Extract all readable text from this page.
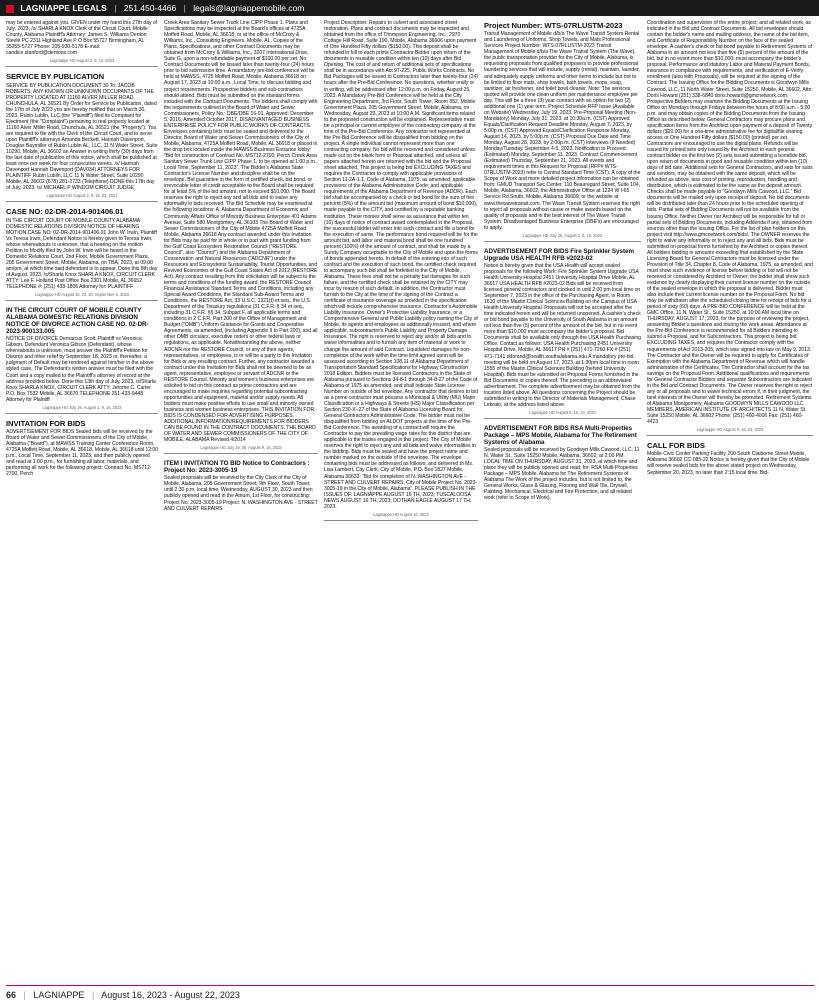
LAGNIAPPE LEGALS | 251.450-4466 | legals@lagniappemobile.com

may be entered against you. GIVEN under my hand this 27th day of July, 2023. /s/ SHARLA KNOX Clerk of the Circuit Court, Mobile County, Alabama Plaintiff's Attorney: James S. Williams Denton Steele PC 2311 Highland Ave P O Box 55727 Birmingham, AL 35255-5727 Phone: 205-930-5178 E-mail: candice.stanford@dentons.com

Lagniappe HD August 2, 9, 16, 2023
SERVICE BY PUBLICATION

SERVICE BY PUBLICATION DOCUMENT 30 To: JACOB ROBERTS, ANY KNOWN OR UNKNOWN OCCUPANTS OF THE PROPERTY LOCATED AT 11160 ALVER MILLER ROAD, CHUNCHULA, AL 36521 By Order for Service by Publication, dated the 17th of July 2023 you are hereby notified that on March 30, 2023, Rubin Lublin, LLC (the "Plaintiff") filed its Complaint for Ejectment (the "Complaint") pertaining to real property located at 11160 Alver Miller Road, Chunchula, AL 36521 (the "Property"). You are required to file with the Clerk of the Circuit Court, and to serve upon Plaintiff's attorneys Amanda Beckett, Hannah Davenport, Douglas Baymiller of Rubin Lublin AL, LLC, 11 N Water Street, Suite 10290, Mobile, AL 36602 an Answer in writing thirty (30) days from the last date of publication of this notice, which shall be published at least once per week for four consecutive weeks. /s/ Hannah Davenport Hannah Davenport (DAV034) ATTORNEYS FOR PLAINTIFF Rubin Lublin, LLC 11 N Water Street, Suite 10290 Mobile, AL 36602 (678) 281-2733 (Telephone) DONE this 17th day of July, 2023. /s/ MICHAEL P WINDOM CIRCUIT JUDGE

Lagniappe HD August 2, 9, 16, 23, 2023
CASE NO: 02-DR-2014-901406.01

IN THE CIRCUIT COURT OF MOBILE COUNTY ALABAMA DOMESTIC RELATIONS DIVISION NOTICE OF HEARING MOTION CASE NO: 02-DR-2014-901406.01 John W. Irwin, Plaintiff Vs Teresa Irwin, Defendant Notice is hereby given to Teresa Irwin, whose whereabouts is unknown, that a hearing on the motion Petition to Modify filed by John W. Irwin will be heard in the Domestic Relations Court, 2nd Floor, Mobile Government Plaza, 205 Government Street, Mobile, Alabama, on TBA, 2023, at 09:00 am/pm, at which time said defendant is to appear. Done this 8th day of August, 2023. /s/Sharla Knox SHARLA KNOX, CIRCUIT CLERK ATTY: Lee F. Holland Post Office Box 2301 Mobile, AL 36652 TELEPHONE #: (251) 433-1806 Attorney for: PLAINTIFF

Lagniappe HD August 16, 23, 30, September 6, 2023
IN THE CIRCUIT COURT OF MOBILE COUNTY ALABAMA DOMESTIC RELATIONS DIVISION NOTICE OF DIVORCE ACTION CASE NO. 02-DR-2023-900133.005

NOTICE OF DIVORCE Demarcus Scott, Plaintiff vs Veronica Gibson, Defendant Veronica Gibson (Defendant), whose whereabouts is unknown, must answer the Plaintiff's Petition for Divorce and other relief by September 18, 2023 or, thereafter, a judgment of Default may be rendered against him/her in the above styled case. The Defendant's written answer must be filed with the Court and a copy mailed to the Plaintiff's attorney of record at the address provided below. Done this 13th day of July, 2023. /s/Sharla Knox SHARLA KNOX, CIRCUIT CLERK ATTY: Jerome C. Carter P.O. Box 7532 Mobile, AL 36670 TELEPHONE 251-433-9448 Attorney for Plaintiff

Lagniappe HD July 26, August 2, 9, 16, 2023
INVITATION FOR BIDS

ADVERTISEMENT FOR BIDS Sealed bids will be received by the Board of Water and Sewer Commissioners of the City of Mobile, Alabama ("Board"), at MAWSS Training Center Conference Room, 4725A Moffett Road, Mobile, AL 36618, Mobile, AL 36618 until 12:00 p.m., Local Time, September 11, 2023, and then publicly opened and read at 1:00 p.m., for furnishing all labor, materials, and performing all work for the following project: Contract No. MS712-2700, Perch

Creek Area Sanitary Sewer Trunk Line CIPP Phase 1. Plans and Specifications may be inspected at the Board's offices at 4725A Moffett Road, Mobile, AL 36618; or at the office of McCrory & Williams, Inc., Consulting Engineers, Mobile, AL. Copies of the Plans, Specifications, and other Contract Documents may be obtained from McCrory & Williams, Inc., 3207 International Drive, Suite G, upon a non-refundable payment of $100.00 per set. No Contract Documents will be issued later than twenty-four (24) hours prior to bid submission time. A mandatory pre-bid conference will be held at MAWSS, 4725 Moffett Road, Mobile, Alabama 36618 on August 17, 2023 at 10:00 a.m., Local Time, to discuss bidding and project requirements. Prospective bidders and sub-contractors should attend. Bids must be submitted on the standard forms included with the Contract Documents. The bidders shall comply with the requirements outlined in the Board of Water and Sewer Commissioners, Policy No.: DBE/DBE 16-01, Approved: December 5, 2016, Amended October 2017, DISADVANTAGED BUSINESS ENTERPRISE POLICY FOR PUBLIC WORKS OF CONTRACTS. Envelopes containing bids must be sealed and delivered to the Director, Board of Water and Sewer Commissioners of the City of Mobile, Alabama, 4725A Moffett Road, Mobile, AL 36618 or placed in the drop box located inside the MAWSS Business Entrance lobby: "Bid for construction of Contract No. MS712-2700, Perch Creek Area Sanitary Sewer Trunk Line CIPP Phase 1, to be opened at 1:00 p.m., Local Time, September 11, 2023". The Bidder's Alabama State Contractor's License Number and discipline shall be on the envelope. Bid guarantee in the form of certified check, bid bond, or irrevocable letter of credit acceptable to the Board shall be required for at least 5% of the bid amount, not to exceed $10,000. The Board reserves the right to reject any and all bids and to waive any informality in bids received. The Bid Schedule may be examined at the following locations: A. Alabama Department of Economic and Community Affairs Office of Minority Business Enterprise 401 Adams Avenue, Suite 580 Montgomery, AL 36103 The Board of Water and Sewer Commissioners of the City of Mobile 4725A Moffett Road Mobile, Alabama 36618 Any contract awarded under this Invitation for Bids may be paid for in whole or in part with grant funding from the Gulf Coast Ecosystem Restoration Council ("RESTORE Council", also "Council") and the Alabama Department of Conservation and Natural Resources ("ADCNR") under the Resources and Ecosystems Sustainability, Tourist Opportunities, and Revived Economies of the Gulf Coast States Act of 2012 (RESTORE Act). Any contract resulting from this solicitation will be subject to the terms and conditions of the funding award, the RESTORE Council Financial Assistance Standard Terms and Conditions, including any Special Award Conditions, the Standard Sub-Award Terms and Conditions, the RESTORE Act, 33 U.S.C. 1321(t) et seq., the U.S. Department of the Treasury regulations (31 C.F.R. § 34 et seq., including 31 C.F.R. §§ 34, Subpart F, all applicable terms and conditions in 2 C.F.R. Part 200 of the Office of Management and Budget ("OMB") Uniform Guidance for Grants and Cooperative Agreements, as amended, (including Appendix II to Part 200), and all other OMB circulars, executive orders or other federal laws or regulations, as applicable. Notwithstanding the above, neither ADCNR nor the RESTORE Council, or any of their agents, representatives, or employees, is or will be a party to this Invitation for Bids or any resulting contract. Further, any contractor awarded a contract under this Invitation for Bids shall not be deemed to be an agent, representative, employee or servant of ADCNR or the RESTORE Council. Minority and women's business enterprises are solicited to bid on this contract as prime contractors and are encouraged to make inquiries regarding potential subcontracting opportunities and equipment, material and/or supply needs. All bidders must make positive efforts to use small and minority owned business and women business enterprises. THIS INVITATION FOR BIDS IS CONDENSED FOR ADVERTISING PURPOSES. ADDITIONAL INFORMATION/REQUIREMENTS FOR BIDDERS CAN BE FOUND IN THE CONTRACT DOCUMENTS. THE BOARD OF WATER AND SEWER COMMISSIONERS OF THE CITY OF MOBILE, ALABAMA Revised 4/2014

Lagniappe HD July 19, 26, August 9, 16, 2023
ITEM I INVITATION TO BID Notice to Contractors : Project No: 2023-3005-19

Sealed proposals will be received by the City Clerk of the City of Mobile, Alabama, 205 Government Street, 9th Floor, South Tower, until 2:30 p.m. local time, Wednesday, AUGUST 30, 2023 and then publicly opened and read in the Atrium, 1st Floor, for constructing: Project No: 2023-3005-19 Project: N. WASHINGTON AVE - STREET AND CULVERT REPAIRS

Project Description: Repairs to culvert and associated street restoration. Plans and contract documents may be inspected and obtained from the office of Thompson Engineering, Inc., 2970 Cottage Hill Road, Suite 190, Mobile, Alabama 36606 upon payment of One Hundred Fifty dollars ($150.00). This deposit shall be refunded in full to each prime Contractor Bidder upon return of the documents in reusable condition within ten (10) days after Bid Opening. The cost of and return of additional sets of specifications shall be in accordance with Act 97-225, Public Works Contracts. No Bid Packages will be issued to Contractors later than twenty-four (24) hours after the Pre-Bid Conference. No questions, whether orally or in writing, will be addressed after 12:00 p.m. on Friday, August 25, 2023. A Mandatory Pre-Bid Conference will be held at the City Engineering Department, 3rd Floor, South Tower, Room 352, Mobile Government Plaza, 205 Government Street, Mobile, Alabama, on Wednesday, August 23, 2023 at 10:00 A.M. Significant items related to the proposed construction will be explained. Representative must be a principal or current employee of the contracting company at the time of the Pre-Bid Conference. Any contractor not represented at the Pre-Bid Conference will be disqualified from bidding on the project. A single individual cannot represent more than one contracting company. No bid will be received and considered unless made out on the blank form or Proposal attached, and unless all papers attached hereto are returned with the bid and the Proposal sheet attached. This project is being bid EXCLUDING TAXES and requires the Contractor to comply with applicable provisions of Section 11-2A-1.1, Code of Alabama, 1975, as amended; applicable provisions of the Alabama Administrative Code; and applicable requirements of the Alabama Department of Revenue (ADOR). Each bid shall be accompanied by a check or bid bond for the sum of five percent (5%) of the amount bid (maximum amount of bond $10,000), made payable to the CITY, and certified by a reputable banking institution. These monies shall serve as assurance that within ten (10) days of notice of contract award contemplated in the Proposal, the successful bidder will enter into such contract and file a bond for the execution of same. The performance bond required will be for the amount bid, and labor and material bond shall be one hundred percent (100%) of the amount of contract, and shall be made by a Surety Company acceptable to the City of Mobile and upon the forms of bonds appended hereto. In default of the entering into of such contract and the execution of such bond, the certified check required to accompany such bid shall be forfeited to the City of Mobile, Alabama. These fees shall not be a penalty but damages for such failure, and the certified check shall be retained by the CITY may incur by reason of such default. In addition, the Contractor must furnish to the City at the time of the signing of the Contract a certificate of insurance coverage as provided in the specification which will include comprehensive insurance, Contractor's Automobile Liability Insurance, Owner's Protective Liability Insurance, or a Comprehensive General and Public Liability policy naming the City of Mobile, its agents and employees as additionally insured, and where applicable, subcontractor's Public Liability and Property Damage Insurance. The right is reserved to reject any and/or all bids and to waive informalities and to furnish any item of material or work to change the amount of said Contract. Liquidated damages for non-completion of the work within the time limit agreed upon will be assessed according to Section 108.11 of Alabama Department of Transportation Standard Specifications for Highway Construction 2018 Edition. Bidders must be licensed Contractors in the State of Alabama pursuant to Sections 34-8-1 through 34-8-27 of the Code of Alabama of 1975 as amended, and shall indicate State License Number on outside of bid envelope. Any contractor that desires to bid as a prime contractor must possess a Municipal & Utility (MU) Major Classification or a Highways & Streets (HS) Major Classification per Section 230-X-.27 of the State of Alabama Licensing Board for General Contractors Administrative Code. The bidder must not be disqualified from bidding on ALDOT projects at the time of the Pre-Bid Conference. The awarding of a contract will require the Contractor to pay the prevailing wage rates for this district that are applicable to the trades engaged in this project. The City of Mobile reserves the right to reject any and all bids and waive informalities in the bidding. Bids must be sealed and have the project name and number marked on the outside of the envelope. The envelope containing bids must be addressed as follows, and delivered to Ms. Lisa Lambert, City Clerk; City of Mobile, P.O. Box 1827 Mobile, Alabama 36633: "Bid for completion of N. WASHINGTON AVE - STREET AND CULVERT REPAIRS, City of Mobile Project No. 2023-3005-19 in the City of Mobile, Alabama". PLEASE PUBLISH IN THE ISSUES OF: LAGNIAPPE AUGUST 16 TH, 2023; TUSCALOOSA NEWS AUGUST 16 TH, 2023; DOTHAN EAGLE AUGUST 17 TH, 2023.

Lagniappe HD August 16, 2023
Project Number: WTS-07RLUSTM-2023

Transit Management of Mobile d/b/a The Wave Transit System Rental and Laundering of Uniforms, Shop Towels, and Mats Professional Services Project Number: WTS-07RLUSTM-2023 Transit Management of Mobile d/b/a The Wave Transit System (The Wave), the public transportation provider for the City of Mobile, Alabama, is requesting proposals from qualified proposers to provide professional laundering services that will include, supply (rental), maintain, launder, and adequately supply uniforms and other items to include but not to be limited to floor mats, shop towels, bath towels, mops, soap, sanitizer, air freshener, and toilet bowl cleaner. Note: The services quoted will provide one clean uniform per maintenance employee per day. This will be a three (3) year contract with an option for two (2) additional one (1) year term. Project Schedule RFP Issue (Available on Website) Wednesday, July 19, 2023. Pre-Proposal Meeting (Non-Mandatory) Monday, July 31, 2023, at 10:30a.m. (CST) Approved Equals/Clarification Request Deadline Monday, August 7, 2023, by 5:00p.m. (CST) Approved Equals/Clarification Response Monday, August 14, 2023, by 5:00p.m. (CST) Proposal Due Date and Time Monday, August 28, 2023, by 2:00p.m. (CST) Interviews (If Needed) Monday/Tuesday, September 4-5, 2023. Notification to Proceed (Estimated) Monday, September 11, 2023. Contract Commencement (Estimated) Thursday, September 21, 2023. All events and requirement times in this Request for Proposal (RFP# WTS-07RLUSTM-2023) refer to Central Standard Time (CST). A copy of the Scope of Work and more detailed project information can be obtained from: GMUD Transport Sec Center, 110 Beauregard Street, Suite 104, Mobile, Alabama, 36602, the Administrative Office at 1224 W I-65 Service Rd South, Mobile, Alabama 36609, or the website at www.thewavetransit.com. The Wave Transit System reserves the right to reject all proposals without cause or make awards based on the quality of proposals and in the best interest of The Wave Transit System. Disadvantaged Business Enterprise (DBE's) are encouraged to apply.

Lagniappe HD July 26, August 2, 9, 16, 2023
ADVERTISEMENT FOR BIDS Fire Sprinkler System Upgrade USA HEALTH RFB #2023-02

Notice is hereby given that the USA Health will accept sealed proposals for the following Work: Fire Sprinkler System Upgrade USA Health University Hospital 2451 University Hospital Drive Mobile, AL 36617 USA HEALTH RFB #2023-02 Bids will be received from licensed general contractors and clocked in until 2:00 pm local time on September 7, 2023 in the office of the Purchasing Agent, in Room 1610 of the Mastin Clinical Sciences Building on the Campus of USA Health University Hospital. Proposals will not be accepted after the time indicated herein and will be returned unopened. A cashier's check or bid bond payable to the University of South Alabama in an amount not less than five (5) percent of the amount of the bid, but in no event more than $10,000 must accompany the bidder's proposal. Bid Documents shall be available only through the USA Health Purchasing Office. Contact as follows: USA Health Purchasing 2451 University Hospital Drive, Mobile, AL 36617 PH # (251) 471-7260 FX # (251) 471-7141 ddorand@health.southalabama.edu A mandatory pre-bid meeting will be held on August 17, 2023, at 1:30pm local time in room 1555 of the Mastin Clinical Sciences Building (behind University Hospital). Bids must be submitted on Proposal Forms furnished in the Bid Documents or copies thereof. The preceding is an abbreviated advertisement. The complete advertisement may be obtained from the location listed above. All questions concerning the Project should be submitted in writing to the Director of Materials Management, Chase Lebrato, at the address listed above.

Lagniappe HD August 9, 16, 23, 2023
ADVERTISEMENT FOR BIDS RSA Multi-Properties Package – MPS Mobile, Alabama for The Retirement Systems of Alabama

Sealed proposals will be received by Goodwyn Mills Cawood, LLC, 11 N. Water St., Suite 15250 Mobile, Alabama, 36602; at 2:00 PM LOCAL TIME ON THURSDAY, AUGUST 31, 2023, at which time and place they will be publicly opened and read, for: RSA Multi-Properties Package – MPS Mobile, Alabama for The Retirement Systems of Alabama The Work of the project includes, but is not limited to, the General Works, Glass & Glazing, Flooring and Wall Tile, Drywall, Painting, Mechanical, Electrical and Fire Protection, and all related work (refer to Scope of Work).

Coordination and supervision of the entire project; and all related work, as indicated in the Bid and Contract Documents. All bid envelopes should contain the bidder's name and mailing address, the name of the bid item, and Certificate of Responsibility Number on the face of the sealed envelope. A cashier's check or bid bond payable to Retirement Systems of Alabama in an amount not less than five (5) percent of the amount of the bid, but in no event more than $10,000, must accompany the bidder's proposal. Performance and statutory Labor and Material Payment Bonds, insurance in compliance with requirements, and verification of E-Verify enrollment (also with Proposals), will be required at the signing of the Contract. The Issuing Office for the Bidding Documents is Goodwyn Mills Cawood, LLC, 11 North Water Street, Suite 15250, Mobile, AL 36602, Attn: Doris Howard (251) 338-6840 doris.howard@gmcnetwork.com. Prospective Bidders may examine the Bidding Documents at the Issuing Office on Mondays through Fridays between the hours of 8:00 a.m. - 5:00 p.m. and may obtain copies of the Bidding Documents from the Issuing Office as described below. General Contractors may procure plans and specification items from the Architect upon payment of a deposit of Twenty dollars ($20.00) for a one-time administrative fee for digital/file sharing access or One Hundred Fifty dollars ($150.00) (printed) per set. Contractors are encouraged to use the digital plans. Refunds will be issued for printed sets only issued by the Architect to each general contract bidder on the first two (2) sets issued submitting a bonafide bid, upon return of documents in good and reusable condition within ten (10) days of bid date. Additional sets for General Contractors, and sets for subs and vendors, may be obtained with the same deposit, which will be refunded as above, less cost of printing, reproduction, handling and distribution, which is estimated to be the same as the deposit amount. Checks shall be made payable to "Goodwyn Mills Cawood, LLC." Bid documents will be mailed only upon receipt of deposit. No bid documents will be distributed later than 24 hours prior to the scheduled opening of bids. Partial sets of Bidding Documents will not be available from the Issuing Office. Neither Owner nor Architect will be responsible for full or partial sets of Bidding Documents, including Addenda if any, obtained from sources other than the Issuing Office. For the list of plan holders on this project visit http://www.gmcnetwork.com/bids/. The OWNER reserves the right to waive any informality or to reject any and all bids. Bids must be submitted on proposal forms furnished by the Architect or copies thereof. All bidders bidding in amounts exceeding that established by the State Licensing Board for General Contractors must be licensed under the Provision of Title 34, Chapter 8, Code of Alabama, 1975, as amended, and must show such evidence of license before bidding or bid will not be received or considered by Architect or Owner; the bidder shall show such evidence by clearly displaying their current license number on the outside of the sealed envelope in which the proposal is delivered. Bidder must also include their current license number on the Proposal Form. No bid may be withdrawn after the scheduled closing time for receipt of bids for a period of sixty (60) days. A PRE-BID CONFERENCE will be held at the GMC Office, 11 N. Water St., Suite 15250, at 10:00 AM local time on THURSDAY, AUGUST 17, 2023, for the purpose of reviewing the project, answering Bidder's questions and touring the work areas. Attendance at the Pre-Bid Conference is recommended for all Bidders intending to submit a Proposal, and for Subcontractors. This project is being bid EXCLUDING TAXES, and requires the Contractor comply with the requirements of Act 2013-205, which was signed into law on May 9, 2013. The Contractor and the Owner will be required to apply for Certificates of Exemption with the Alabama Department of Revenue which will handle administration of the Certificates. The Contractor shall account for the tax savings on the Proposal Form. Additional qualifications and requirements for General Contractor Bidders and separate Subcontractors are indicated in the Bid and Contract Documents. The Owner reserves the right to reject any or all proposals and to waive technical errors if, in their judgment, the best interests of the Owner will thereby be promoted. Retirement Systems of Alabama Montgomery, Alabama GOODWYN MILLS CAWOOD LLC MEMBERS, AMERICAN INSTITUTE OF ARCHITECTS 11 N. Water St. Suite 15250 Mobile, AL 36602 Phone: (251) 460-4006 Fax: (251) 460-4423

Lagniappe HD August 9, 16, 23, 2023
CALL FOR BIDS

Mobile Civic Center Parking Facility 200 South Claiborne Street Mobile, Alabama 36602 CC-085-22 Notice is hereby given that the City of Mobile will receive sealed bids for the above stated project on Wednesday, September 20, 2023, no later than 2:15 local time. Bid-

66 | LAGNIAPPE | August 16, 2023 - August 22, 2023
